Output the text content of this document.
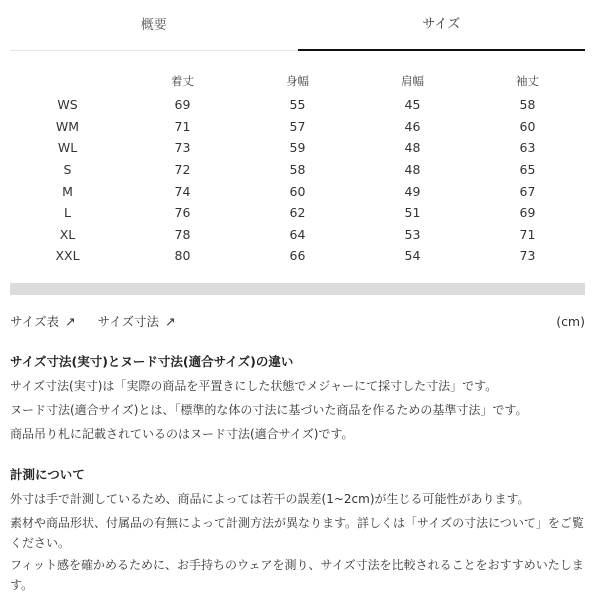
概要	サイズ
	着丈	身幅	肩幅	袖丈
WS	69	55	45	58
WM	71	57	46	60
WL	73	59	48	63
S	72	58	48	65
M	74	60	49	67
L	76	62	51	69
XL	78	64	53	71
XXL	80	66	54	73
サイズ表 ↗ サイズ寸法 ↗	(cm)
サイズ寸法(実寸)とヌード寸法(適合サイズ)の違い

サイズ寸法(実寸)は「実際の商品を平置きにした状態でメジャーにて採寸した寸法」です。

ヌード寸法(適合サイズ)とは、「標準的な体の寸法に基づいた商品を作るための基準寸法」です。

商品吊り札に記載されているのはヌード寸法(適合サイズ)です。

計測について

外寸は手で計測しているため、商品によっては若干の誤差(1~2cm)が生じる可能性があります。

素材や商品形状、付属品の有無によって計測方法が異なります。詳しくは「サイズの寸法について」をご覧ください。

フィット感を確かめるために、お手持ちのウェアを測り、サイズ寸法を比較されることをおすすめいたします。
